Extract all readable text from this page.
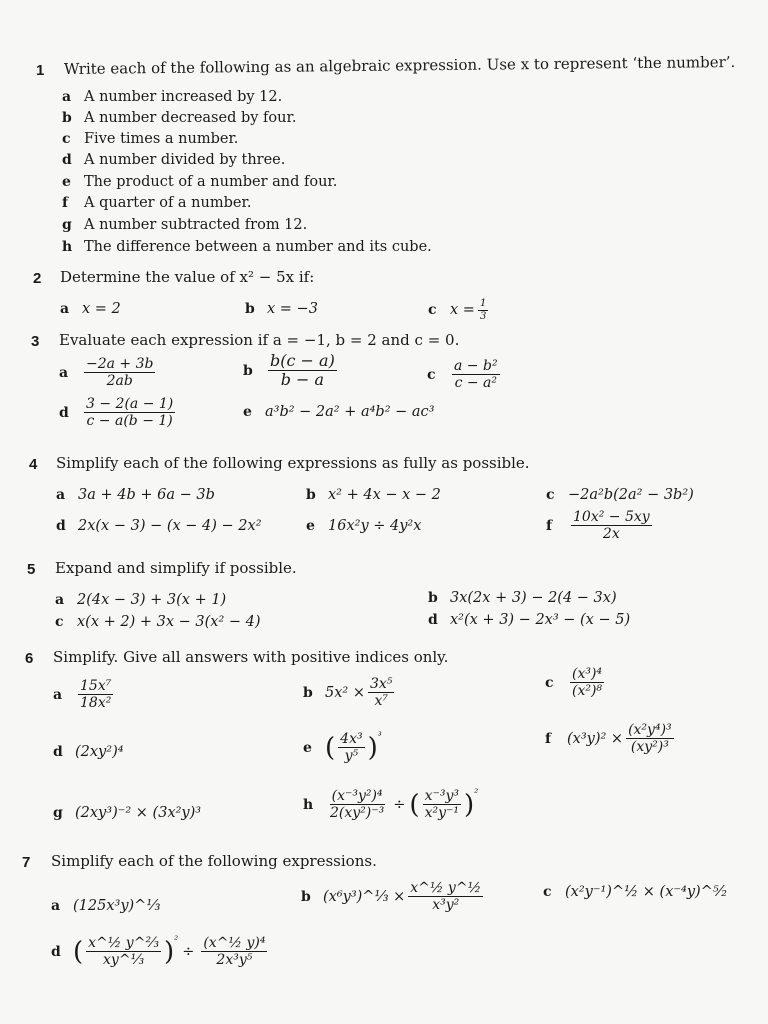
1 Write each of the following as an algebraic expression. Use x to represent ‘the number’.
a A number increased by 12.
b A number decreased by four.
c Five times a number.
d A number divided by three.
e The product of a number and four.
f	A quarter of a number.
g A number subtracted from 12.
h The difference between a number and its cube.
2 Determine the value of x² − 5x if:
a x = 2	b x = −3	c $x = \frac{1}{3}$
3 Evaluate each expression if a = −1, b = 2 and c = 0.
a	$\frac{-2a + 3b}{2ab}$	b $\frac{b(c - a)}{b - a}$	c	$\frac{\text{a − b²}}{\text{c − a²}}$
d	$\frac{3 - 2(a - 1)}{c - a(b - 1)}$	e a³b² − 2a² + a⁴b² − ac³
4 Simplify each of the following expressions as fully as possible.
a 3a + 4b + 6a − 3b	b x² + 4x − x − 2	c −2a²b(2a² − 3b²)
d 2x(x − 3) − (x − 4) − 2x²	e 16x²y ÷ 4y²x	f	$\frac{\text{10x² − 5xy}}{2x}$
5 Expand and simplify if possible.
a 2(4x − 3) + 3(x + 1)	b 3x(2x + 3) − 2(4 − 3x)
c x(x + 2) + 3x − 3(x² − 4)	d x²(x + 3) − 2x³ − (x − 5)
6 Simplify. Give all answers with positive indices only.
a	$\frac{\text{15x⁷}}{\text{18x²}}$	b $5x^2 \times \frac{\text{3x⁵}}{\text{x⁷}}$	c	$\frac{\text{(x³)⁴}}{\text{(x²)⁸}}$
d (2xy²)⁴	e ( $\frac{\text{4x³}}{\text{y⁵}} )^{^3}$	f	$(x^3y)^2 \times \frac{\text{(x²y⁴)³}}{\text{(xy²)³}}$
g (2xy³)⁻² × (3x²y)³
h	$\frac{\text{(x⁻³y²)⁴}}{\text{2(xy²)⁻³}}$ ÷ ( $\frac{\text{x⁻³y³}}{\text{x²y⁻¹}} )^{^2}$
7 Simplify each of the following expressions.
a (125x³y)^⅓
b (x⁶y³)^⅓ × $\frac{\text{x\textasciicircum{}½ y\textasciicircum{}½}}{\text{x³y²}}$	c (x²y⁻¹)^½ × (x⁻⁴y)^⁵⁄₂
d ( $\frac{\text{x\textasciicircum{}½ y\textasciicircum{}⅔}}{\text{xy\textasciicircum{}⅓}} )^{^2}$
÷ $\frac{\text{(x\textasciicircum{}½ y)⁴}}{\text{2x³y⁵}}$
